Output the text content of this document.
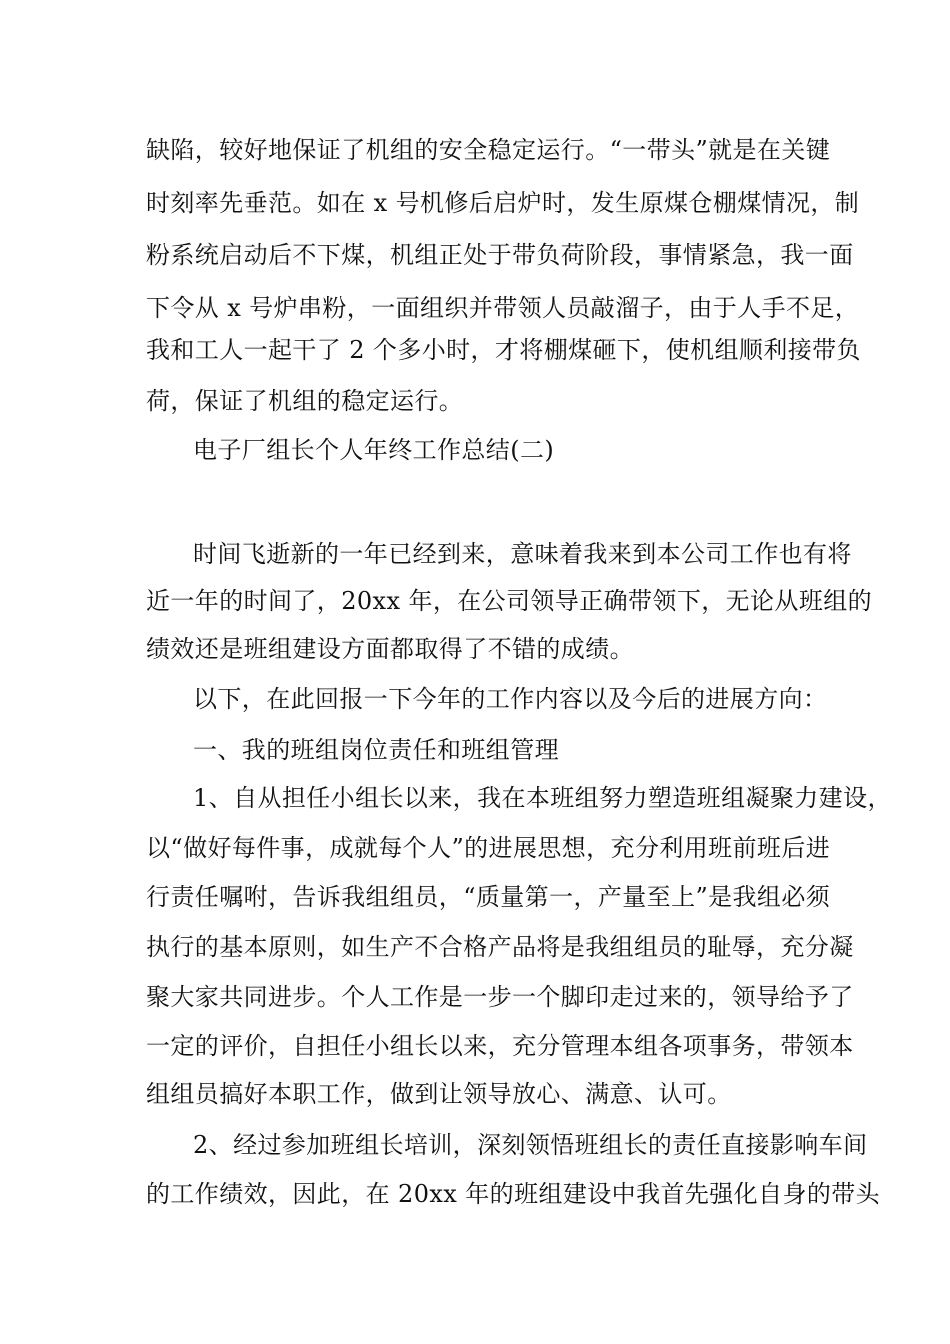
缺陷，较好地保证了机组的安全稳定运行。“一带头”就是在关键
时刻率先垂范。如在 x 号机修后启炉时，发生原煤仓棚煤情况，制
粉系统启动后不下煤，机组正处于带负荷阶段，事情紧急，我一面
下令从 x 号炉串粉，一面组织并带领人员敲溜子，由于人手不足，
我和工人一起干了 2 个多小时，才将棚煤砸下，使机组顺利接带负
荷，保证了机组的稳定运行。
电子厂组长个人年终工作总结(二)
时间飞逝新的一年已经到来，意味着我来到本公司工作也有将
近一年的时间了，20xx 年，在公司领导正确带领下，无论从班组的
绩效还是班组建设方面都取得了不错的成绩。
以下，在此回报一下今年的工作内容以及今后的进展方向：
一、我的班组岗位责任和班组管理
1、自从担任小组长以来，我在本班组努力塑造班组凝聚力建设，
以“做好每件事，成就每个人”的进展思想，充分利用班前班后进
行责任嘱咐，告诉我组组员，“质量第一，产量至上”是我组必须
执行的基本原则，如生产不合格产品将是我组组员的耻辱，充分凝
聚大家共同进步。个人工作是一步一个脚印走过来的，领导给予了
一定的评价，自担任小组长以来，充分管理本组各项事务，带领本
组组员搞好本职工作，做到让领导放心、满意、认可。
2、经过参加班组长培训，深刻领悟班组长的责任直接影响车间
的工作绩效，因此，在 20xx 年的班组建设中我首先强化自身的带头
